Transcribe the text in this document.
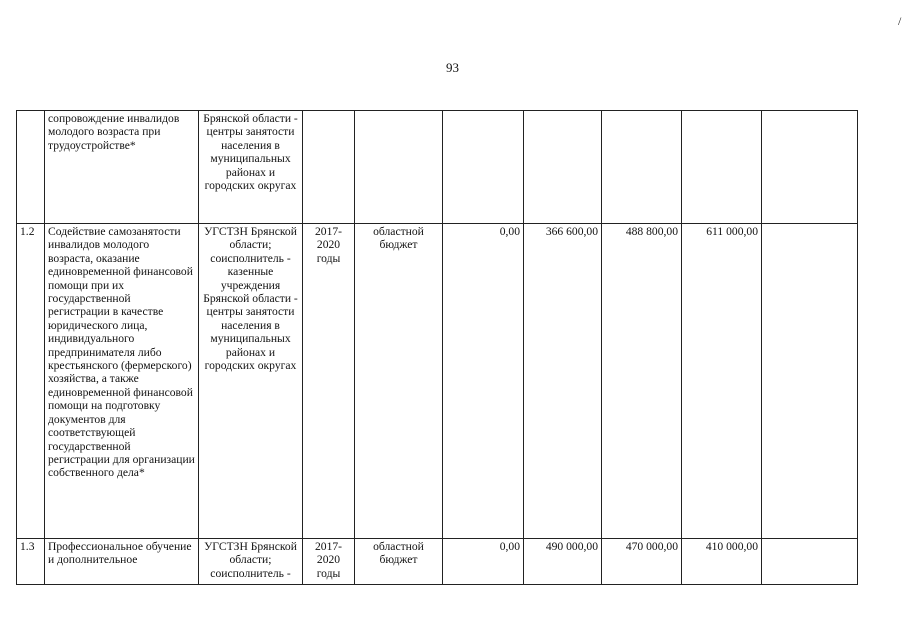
93
/
	сопровождение инвалидов молодого возраста при трудоустройстве*	Брянской области - центры занятости населения в муниципальных районах и городских округах							
1.2	Содействие самозанятости инвалидов молодого возраста, оказание единовременной финансовой помощи при их государственной регистрации в качестве юридического лица, индивидуального предпринимателя либо крестьянского (фермерского) хозяйства, а также единовременной финансовой помощи на подготовку документов для соответствующей государственной регистрации для организации собственного дела*	УГСТЗН Брянской области; соисполнитель - казенные учреждения Брянской области - центры занятости населения в муниципальных районах и городских округах	2017-2020 годы	областной бюджет	0,00	366 600,00	488 800,00	611 000,00	
1.3	Профессиональное обучение и дополнительное	УГСТЗН Брянской области; соисполнитель -	2017-2020 годы	областной бюджет	0,00	490 000,00	470 000,00	410 000,00	
